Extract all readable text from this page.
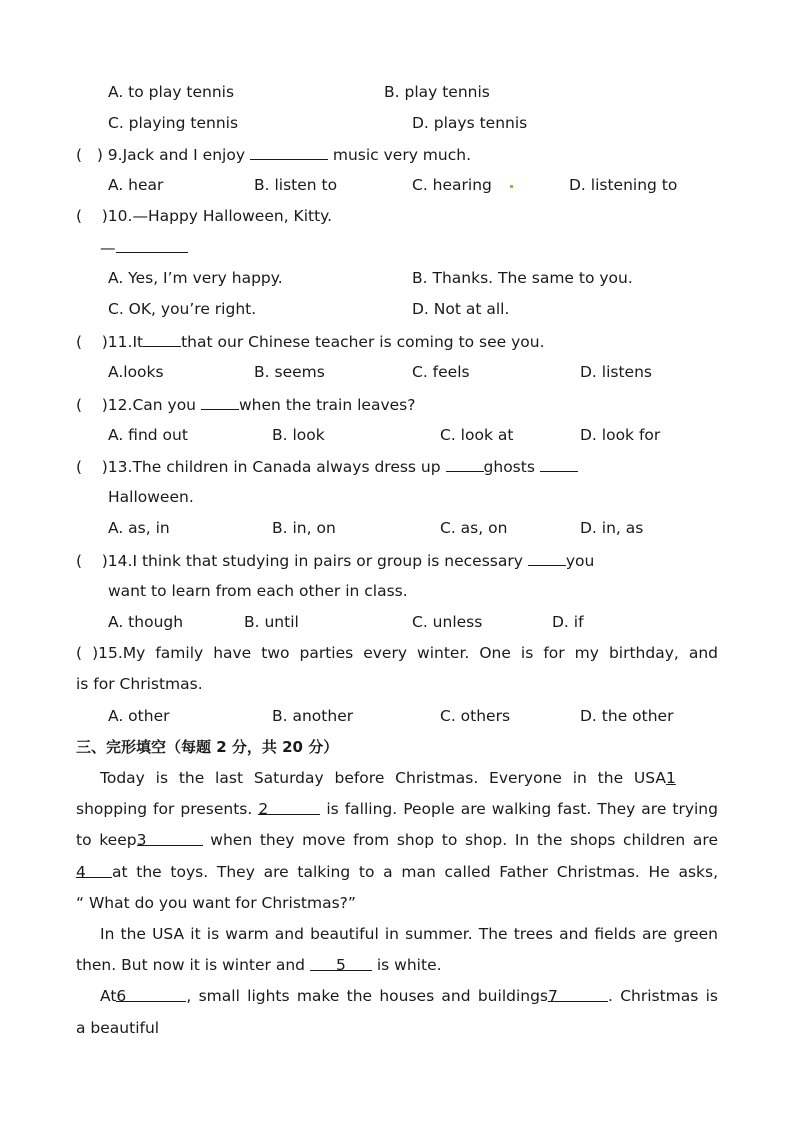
A. to play tennis	B. play tennis
C. playing tennis	D. plays tennis
(   ) 9.Jack and I enjoy	music very much.
A. hear	B. listen to	C. hearing	D. listening to
(    )10.—Happy Halloween, Kitty.
—
A. Yes, I’m very happy.	B. Thanks. The same to you.
C. OK, you’re right.	D. Not at all.
(    )11.It that our Chinese teacher is coming to see you.
A.looks	B. seems	C. feels	D. listens
(    )12.Can you	when the train leaves?
A. find out	B. look	C. look at	D. look for
(    )13.The children in Canada always dress up	ghosts
Halloween.
A. as, in	B. in, on	C. as, on	D. in, as
(    )14.I think that studying in pairs or group is necessary	you
want to learn from each other in class.
A. though	B. until	C. unless	D. if
( )15.My family have two parties every winter. One is for my birthday, and
is for Christmas.
A. other	B. another	C. others	D. the other
三、完形填空（每题 2 分，共 20 分）
Today is the last Saturday before Christmas. Everyone in the USA1
shopping for presents. 2	is falling. People are walking fast. They are trying
to keep3	when they move from shop to shop. In the shops children are
4 at the toys. They are talking to a man called Father Christmas. He asks,
“ What do you want for Christmas?”
In the USA it is warm and beautiful in summer. The trees and fields are green
then. But now it is winter and 5 is white.
At6	, small lights make the houses and buildings7	. Christmas is
a beautiful
